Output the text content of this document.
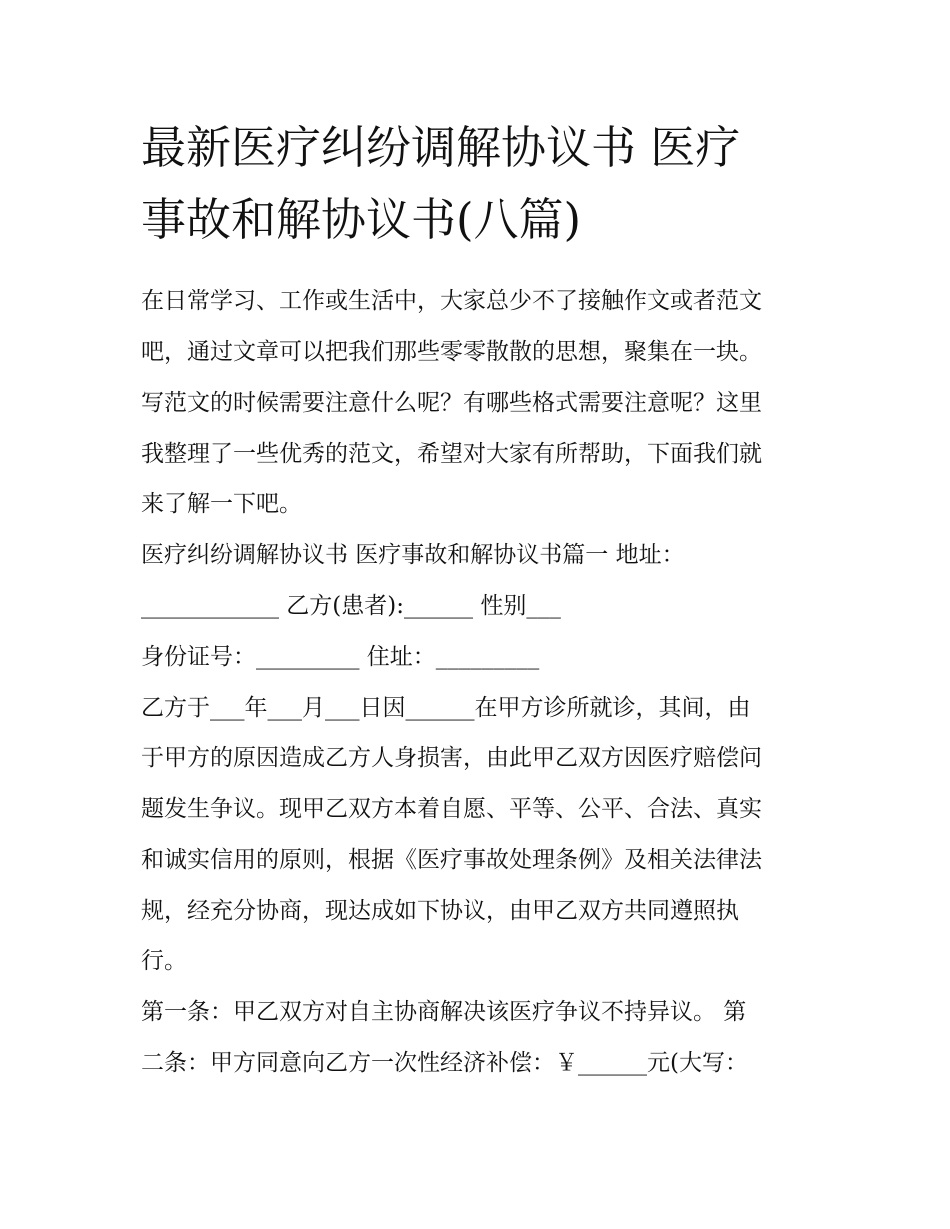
最新医疗纠纷调解协议书 医疗
事故和解协议书(八篇)

在日常学习、工作或生活中，大家总少不了接触作文或者范文

吧，通过文章可以把我们那些零零散散的思想，聚集在一块。

写范文的时候需要注意什么呢？有哪些格式需要注意呢？这里

我整理了一些优秀的范文，希望对大家有所帮助，下面我们就

来了解一下吧。

医疗纠纷调解协议书 医疗事故和解协议书篇一 地址：

____________ 乙方(患者):______ 性别___

身份证号：_________ 住址：_________

乙方于___年___月___日因______在甲方诊所就诊，其间，由

于甲方的原因造成乙方人身损害，由此甲乙双方因医疗赔偿问

题发生争议。现甲乙双方本着自愿、平等、公平、合法、真实

和诚实信用的原则，根据《医疗事故处理条例》及相关法律法

规，经充分协商，现达成如下协议，由甲乙双方共同遵照执

行。

第一条：甲乙双方对自主协商解决该医疗争议不持异议。 第

二条：甲方同意向乙方一次性经济补偿：￥______元(大写：
